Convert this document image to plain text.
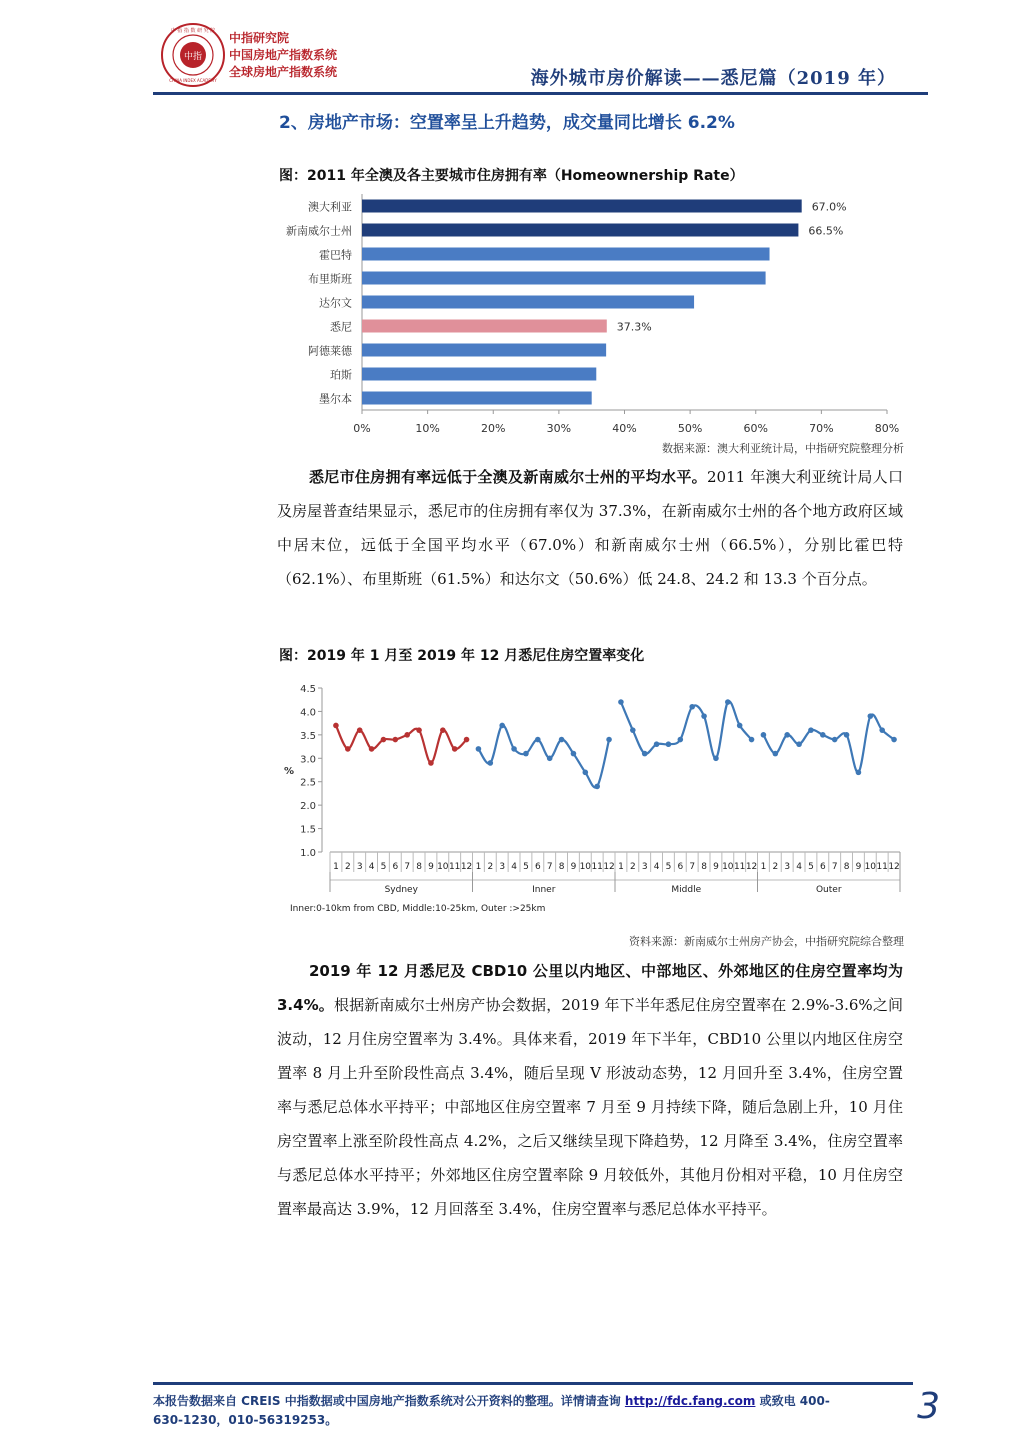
中指
中 指 指 数 研 究 院
CHINA INDEX ACADEMY
中指研究院
中国房地产指数系统
全球房地产指数系统	海外城市房价解读——悉尼篇（2019 年）
2、房地产市场：空置率呈上升趋势，成交量同比增长 6.2%
图：2011 年全澳及各主要城市住房拥有率（Homeownership Rate）
澳大利亚	67.0%
新南威尔士州	66.5%
霍巴特
布里斯班
达尔文
悉尼	37.3%
阿德莱德
珀斯
墨尔本
0%	10%	20%	30%	40%	50%	60%	70%	80%
数据来源：澳大利亚统计局，中指研究院整理分析
悉尼市住房拥有率远低于全澳及新南威尔士州的平均水平。2011 年澳大利亚统计局人口及房屋普查结果显示，悉尼市的住房拥有率仅为 37.3%，在新南威尔士州的各个地方政府区域中居末位，远低于全国平均水平（67.0%）和新南威尔士州（66.5%），分别比霍巴特（62.1%）、布里斯班（61.5%）和达尔文（50.6%）低 24.8、24.2 和 13.3 个百分点。
图：2019 年 1 月至 2019 年 12 月悉尼住房空置率变化
1.0
1.5
2.0
2.5
3.0
3.5
4.0
4.5
%
1 2 3 4 5 6 7 8 9 10 11 12
Sydney
1 2 3 4 5 6 7 8 9 10 11 12
Inner
1 2 3 4 5 6 7 8 9 10 11 12
Middle
1 2 3 4 5 6 7 8 9 10 11 12
Outer
Inner:0-10km from CBD, Middle:10-25km, Outer :>25km
资料来源：新南威尔士州房产协会，中指研究院综合整理
2019 年 12 月悉尼及 CBD10 公里以内地区、中部地区、外郊地区的住房空置率均为 3.4%。根据新南威尔士州房产协会数据，2019 年下半年悉尼住房空置率在 2.9%-3.6%之间波动，12 月住房空置率为 3.4%。具体来看，2019 年下半年，CBD10 公里以内地区住房空置率 8 月上升至阶段性高点 3.4%，随后呈现 V 形波动态势，12 月回升至 3.4%，住房空置率与悉尼总体水平持平；中部地区住房空置率 7 月至 9 月持续下降，随后急剧上升，10 月住房空置率上涨至阶段性高点 4.2%，之后又继续呈现下降趋势，12 月降至 3.4%，住房空置率与悉尼总体水平持平；外郊地区住房空置率除 9 月较低外，其他月份相对平稳，10 月住房空置率最高达 3.9%，12 月回落至 3.4%，住房空置率与悉尼总体水平持平。
本报告数据来自 CREIS 中指数据或中国房地产指数系统对公开资料的整理。详情请查询 http://fdc.fang.com 或致电 400-630-1230，010-56319253。	3
